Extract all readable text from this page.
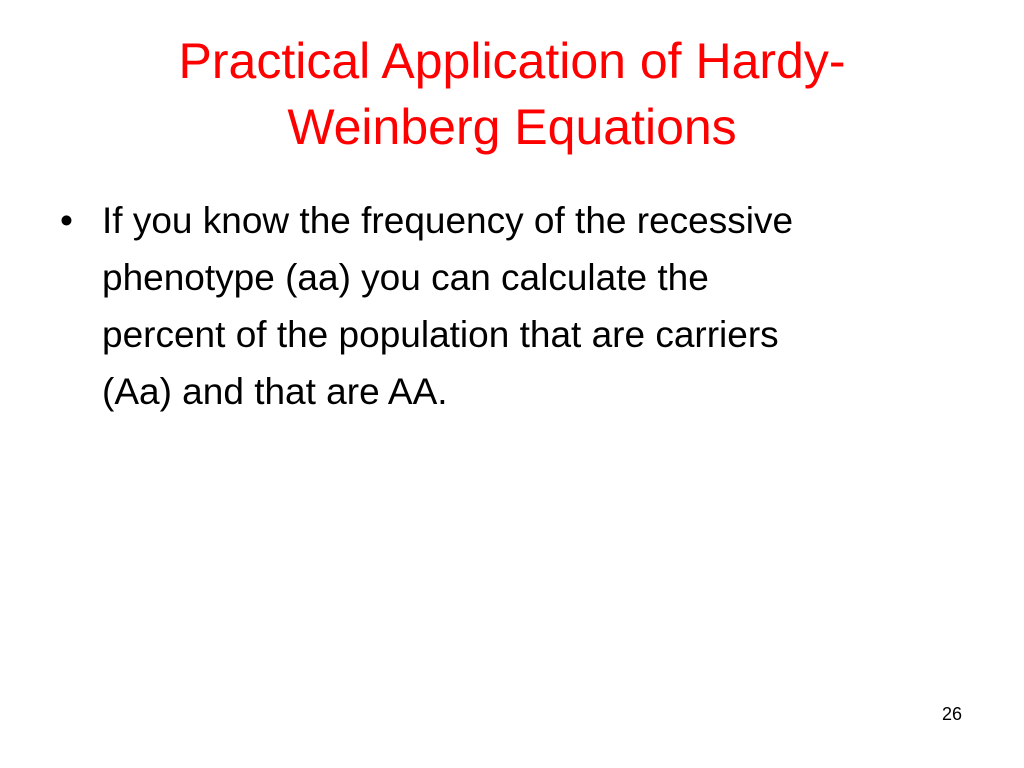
Practical Application of Hardy-
Weinberg Equations
• If you know the frequency of the recessive
phenotype (aa) you can calculate the
percent of the population that are carriers
(Aa) and that are AA.
26
